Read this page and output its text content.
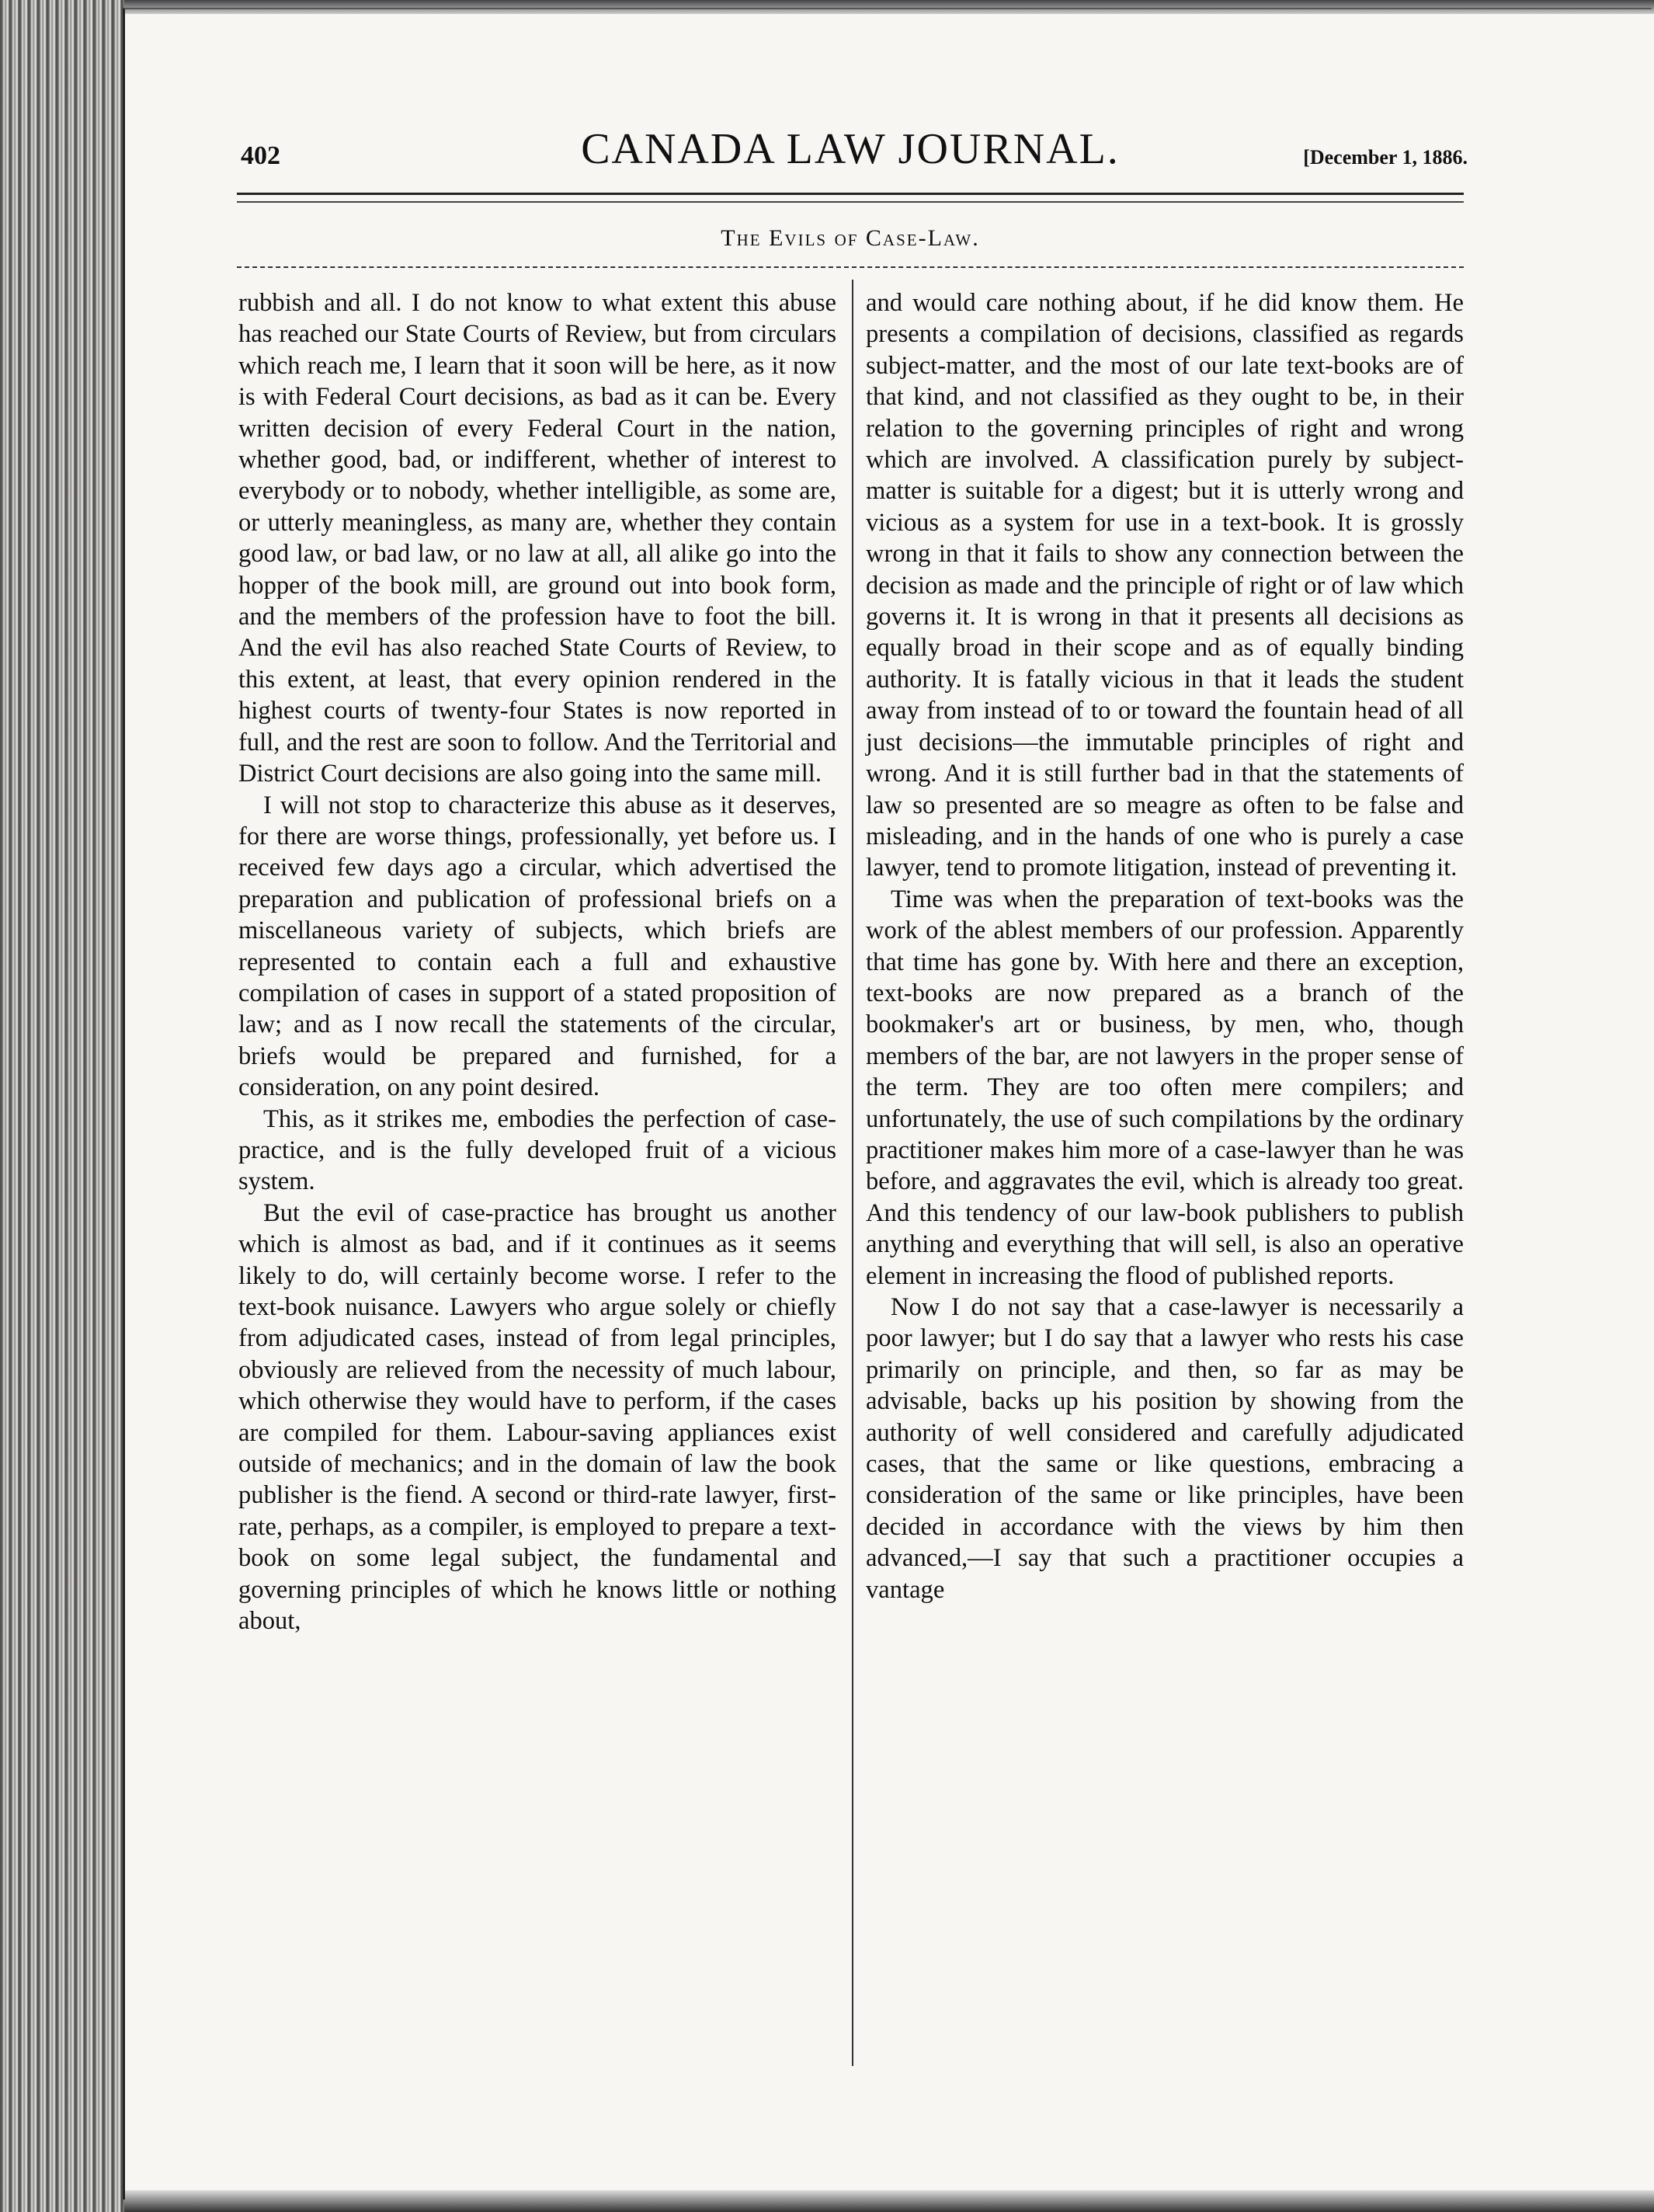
402	CANADA LAW JOURNAL.	[December 1, 1886.
The Evils of Case-Law.

rubbish and all. I do not know to what extent this abuse has reached our State Courts of Review, but from circulars which reach me, I learn that it soon will be here, as it now is with Federal Court decisions, as bad as it can be. Every written decision of every Federal Court in the nation, whether good, bad, or indifferent, whether of interest to everybody or to nobody, whether intelligible, as some are, or utterly meaningless, as many are, whether they contain good law, or bad law, or no law at all, all alike go into the hopper of the book mill, are ground out into book form, and the members of the profession have to foot the bill. And the evil has also reached State Courts of Review, to this extent, at least, that every opinion rendered in the highest courts of twenty-four States is now reported in full, and the rest are soon to follow. And the Territorial and District Court decisions are also going into the same mill.

I will not stop to characterize this abuse as it deserves, for there are worse things, professionally, yet before us. I received few days ago a circular, which advertised the preparation and publication of professional briefs on a miscellaneous variety of subjects, which briefs are represented to contain each a full and exhaustive compilation of cases in support of a stated proposition of law; and as I now recall the statements of the circular, briefs would be prepared and furnished, for a consideration, on any point desired.

This, as it strikes me, embodies the perfection of case-practice, and is the fully developed fruit of a vicious system.

But the evil of case-practice has brought us another which is almost as bad, and if it continues as it seems likely to do, will certainly become worse. I refer to the text-book nuisance. Lawyers who argue solely or chiefly from adjudicated cases, instead of from legal principles, obviously are relieved from the necessity of much labour, which otherwise they would have to perform, if the cases are compiled for them. Labour-saving appliances exist outside of mechanics; and in the domain of law the book publisher is the fiend. A second or third-rate lawyer, first-rate, perhaps, as a compiler, is employed to prepare a text-book on some legal subject, the fundamental and governing principles of which he knows little or nothing about,

and would care nothing about, if he did know them. He presents a compilation of decisions, classified as regards subject-matter, and the most of our late text-books are of that kind, and not classified as they ought to be, in their relation to the governing principles of right and wrong which are involved. A classification purely by subject-matter is suitable for a digest; but it is utterly wrong and vicious as a system for use in a text-book. It is grossly wrong in that it fails to show any connection between the decision as made and the principle of right or of law which governs it. It is wrong in that it presents all decisions as equally broad in their scope and as of equally binding authority. It is fatally vicious in that it leads the student away from instead of to or toward the fountain head of all just decisions—the immutable principles of right and wrong. And it is still further bad in that the statements of law so presented are so meagre as often to be false and misleading, and in the hands of one who is purely a case lawyer, tend to promote litigation, instead of preventing it.

Time was when the preparation of text-books was the work of the ablest members of our profession. Apparently that time has gone by. With here and there an exception, text-books are now prepared as a branch of the bookmaker's art or business, by men, who, though members of the bar, are not lawyers in the proper sense of the term. They are too often mere compilers; and unfortunately, the use of such compilations by the ordinary practitioner makes him more of a case-lawyer than he was before, and aggravates the evil, which is already too great. And this tendency of our law-book publishers to publish anything and everything that will sell, is also an operative element in increasing the flood of published reports.

Now I do not say that a case-lawyer is necessarily a poor lawyer; but I do say that a lawyer who rests his case primarily on principle, and then, so far as may be advisable, backs up his position by showing from the authority of well considered and carefully adjudicated cases, that the same or like questions, embracing a consideration of the same or like principles, have been decided in accordance with the views by him then advanced,—I say that such a practitioner occupies a vantage
